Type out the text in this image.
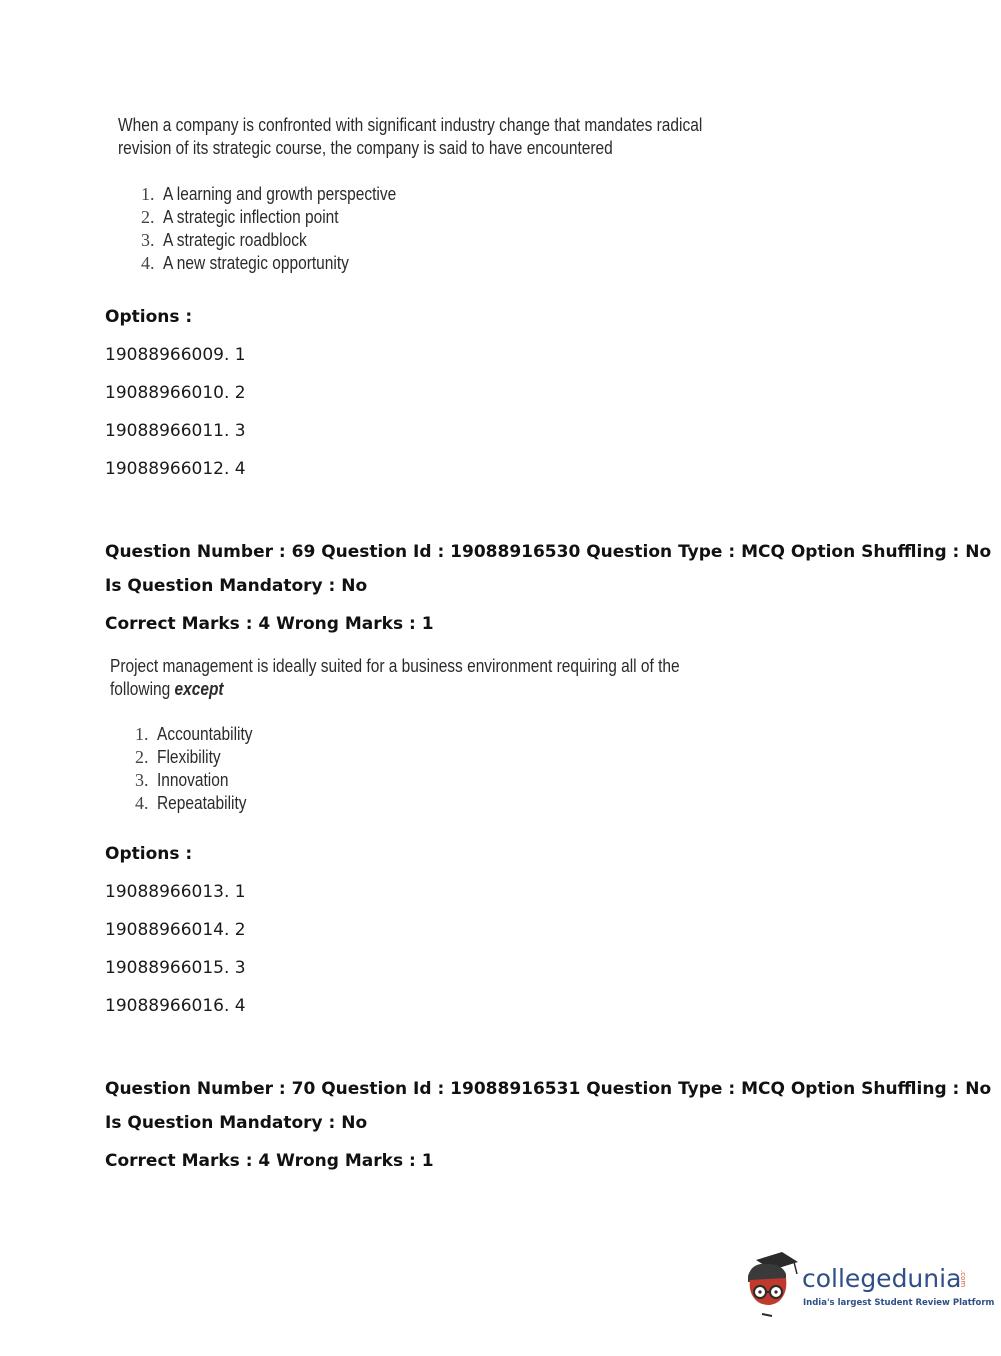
When a company is confronted with significant industry change that mandates radical
revision of its strategic course, the company is said to have encountered
1. A learning and growth perspective
2. A strategic inflection point
3. A strategic roadblock
4. A new strategic opportunity
Options :
19088966009. 1
19088966010. 2
19088966011. 3
19088966012. 4
Question Number : 69 Question Id : 19088916530 Question Type : MCQ Option Shuffling : No
Is Question Mandatory : No
Correct Marks : 4 Wrong Marks : 1
Project management is ideally suited for a business environment requiring all of the
following except
1. Accountability
2. Flexibility
3. Innovation
4. Repeatability
Options :
19088966013. 1
19088966014. 2
19088966015. 3
19088966016. 4
Question Number : 70 Question Id : 19088916531 Question Type : MCQ Option Shuffling : No
Is Question Mandatory : No
Correct Marks : 4 Wrong Marks : 1
collegedunia
.com
India's largest Student Review Platform
